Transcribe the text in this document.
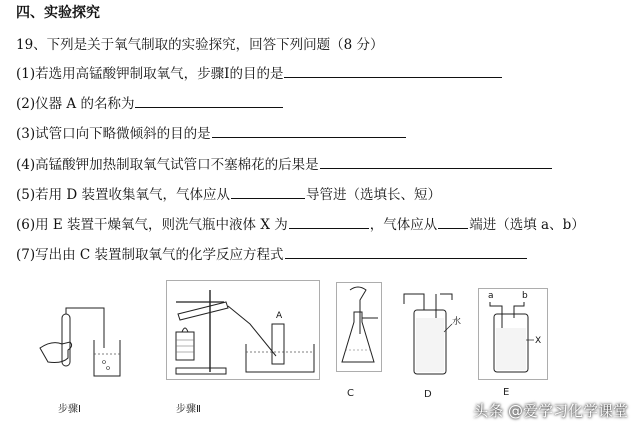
四、实验探究
19、下列是关于氧气制取的实验探究，回答下列问题（8 分）
(1)若选用高锰酸钾制取氧气，步骤Ⅰ的目的是
(2)仪器 A 的名称为
(3)试管口向下略微倾斜的目的是
(4)高锰酸钾加热制取氧气试管口不塞棉花的后果是
(5)若用 D 装置收集氧气，气体应从	导管进（选填长、短）
(6)用 E 装置干燥氧气，则洗气瓶中液体 X 为	，气体应从 端进（选填 a、b）
(7)写出由 C 装置制取氧气的化学反应方程式
步骤Ⅰ
A
步骤Ⅱ
C
水
D
a	b
X
E
头条 @爱学习化学课堂
